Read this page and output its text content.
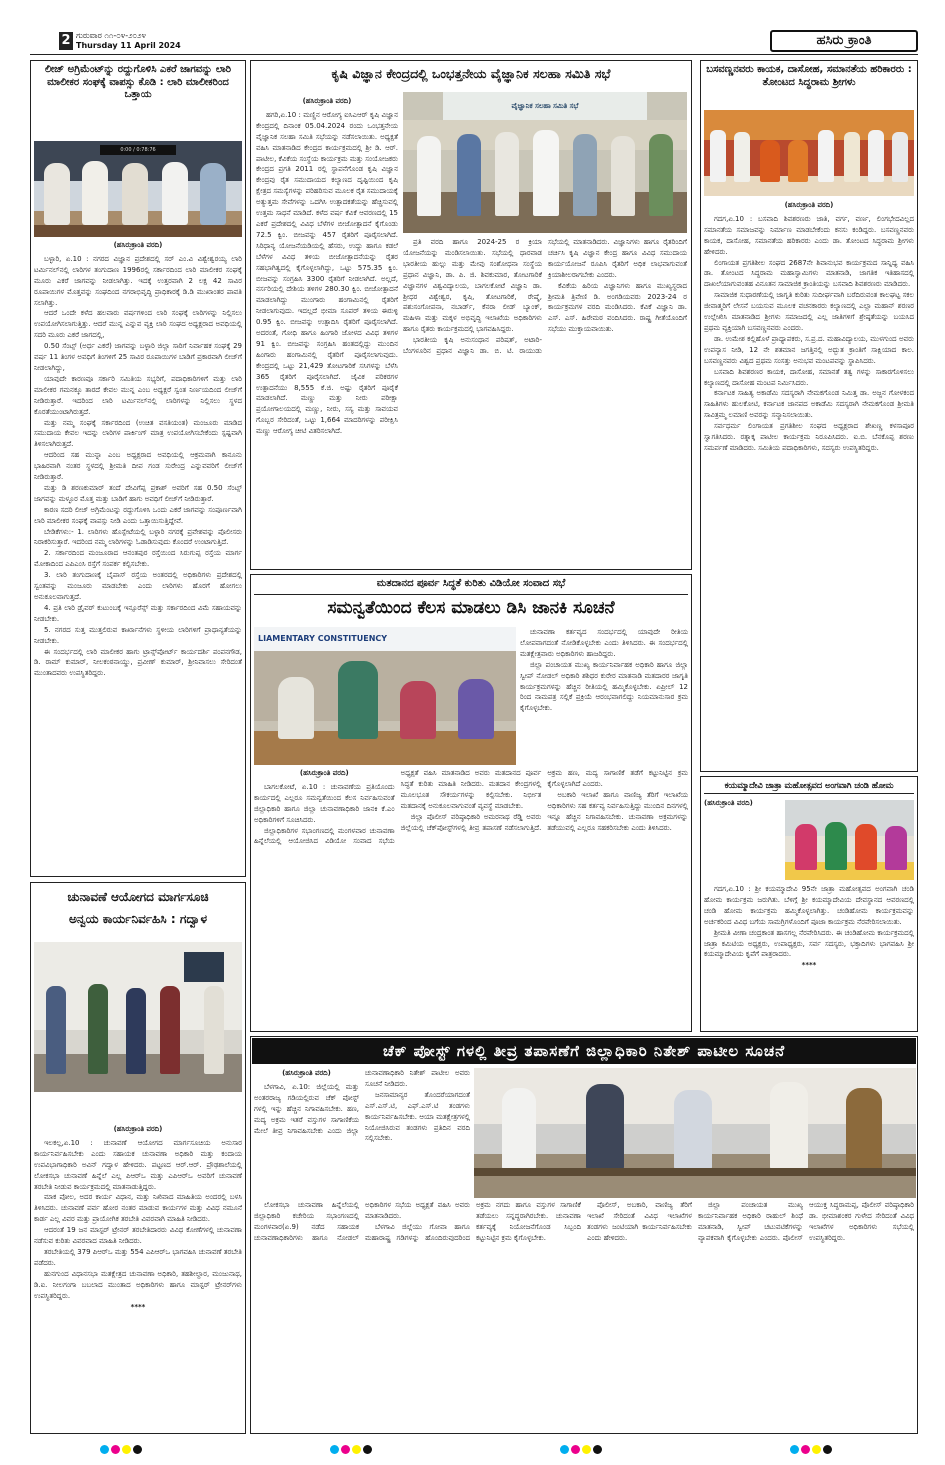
2 ಗುರುವಾರ ೧೧-೦೪-೨೦೨೪
Thursday 11 April 2024	ಹಸಿರು ಕ್ರಾಂತಿ
ಲೀಜ್ ಅಗ್ರಿಮೆಂಟ್‌ನ್ನು ರದ್ದುಗೊಳಿಸಿ ಎಕರೆ ಜಾಗವನ್ನು ಲಾರಿ ಮಾಲೀಕರ ಸಂಘಕ್ಕೆ ವಾಪಸ್ಸು ಕೊಡಿ : ಲಾರಿ ಮಾಲೀಕರಿಂದ ಒತ್ತಾಯ
0:00 / 0:78:76
(ಹಸಿರುಕ್ರಾಂತಿ ವರದಿ)

ಬಳ್ಳಾರಿ, ಏ.10 : ನಗರದ ವಿಜ್ಞಾನ ಪ್ರದೇಶದಲ್ಲಿ ಸರ್ ಎಂ.ವಿ ವಿಶ್ವೇಶ್ವರಯ್ಯ ಲಾರಿ ಟರ್ಮಿನಲ್‌ನಲ್ಲಿ ಲಾರಿಗಳ ತಂಗುದಾಣ 1996ರಲ್ಲಿ ಸರ್ಕಾರದಿಂದ ಲಾರಿ ಮಾಲೀಕರ ಸಂಘಕ್ಕೆ ಮೂರು ಎಕರೆ ಜಾಗವನ್ನು ನೀಡಲಾಗಿತ್ತು. ಇದಕ್ಕೆ ಉತ್ತರವಾಗಿ 2 ಲಕ್ಷ 42 ಸಾವಿರ ರೂಪಾಯಿಗಳ ಮೊತ್ತವನ್ನು ಸಂಘದಿಂದ ನಗರಾಭಿವೃದ್ಧಿ ಪ್ರಾಧಿಕಾರಕ್ಕೆ ಡಿ.ಡಿ ಮುಖಾಂತರ ಪಾವತಿ ಸಲಾಗಿತ್ತು.

ಆದರೆ ಒಂದೇ ಕಳೆದ ಹಲವಾರು ವರ್ಷಗಳಿಂದ ಲಾರಿ ಸಂಘಕ್ಕೆ ಲಾರಿಗಳನ್ನು ನಿಲ್ಲಿಸಲು ಉಪಯೋಗಿಸಲಾಗುತ್ತಿತ್ತು. ಆದರೆ ಮುನ್ನ ಎನ್ನುವ ವ್ಯಕ್ತಿ ಲಾರಿ ಸಂಘದ ಅಧ್ಯಕ್ಷರಾದ ಅವಧಿಯಲ್ಲಿ ಸದರಿ ಮೂರು ಎಕರೆ ಜಾಗದಲ್ಲಿ,

0.50 ಸೆಂಟ್ಸ್ (ಅರ್ಧ ಎಕರೆ) ಜಾಗವನ್ನು ಬಳ್ಳಾರಿ ಜಿಲ್ಲಾ ಸಾರಿಗೆ ನಿರ್ವಾಹಕ ಸಂಘಕ್ಕೆ 29 ವರ್ಷ 11 ತಿಂಗಳ ಅವಧಿಗೆ ತಿಂಗಳಿಗೆ 25 ಸಾವಿರ ರೂಪಾಯಿಗಳ ಬಾಡಿಗೆ ಪ್ರಕಾರವಾಗಿ ಲೀಜ್‌ಗೆ ನೀಡಲಾಗಿದ್ದು,

ಯಾವುದೇ ಕಾರಣವೂ ಸರ್ಕಾರಿ ಸಮಿತಿಯ ಸಭ್ಯರಿಗೆ, ಪದಾಧಿಕಾರಿಗಳಿಗೆ ಮತ್ತು ಲಾರಿ ಮಾಲೀಕರ ಗಮನಕ್ಕೂ ತಾರದೆ ಕೇವಲ ಮುನ್ನ ಎಂಬ ಅಧ್ಯಕ್ಷರೆ ಸ್ವಂತ ನಿರ್ಣಯದಿಂದ ಲೀಜ್‌ಗೆ ನೀಡಿರುತ್ತಾರೆ. ಇದರಿಂದ ಲಾರಿ ಟರ್ಮಿನಲ್‌ನಲ್ಲಿ ಲಾರಿಗಳನ್ನು ನಿಲ್ಲಿಸಲು ಸ್ಥಳದ ಕೊರತೆಯುಂಟಾಗಿರುತ್ತದೆ.

ಮತ್ತು ನಮ್ಮ ಸಂಘಕ್ಕೆ ಸರ್ಕಾರದಿಂದ (ಉಚಿತ ವಸತಿಯಂತ) ಮಂಜೂರು ಮಾಡಿದ ಸಮುದಾಯ ಕೇವಲ ಇದನ್ನು ಲಾರಿಗಳ ಪಾರ್ಕಿಂಗ್ ಮಾತ್ರ ಉಪಯೋಗಿಸಬೇಕೆಂದು ಸ್ಪಷ್ಟವಾಗಿ ತಿಳಿಸಲಾಗಿರುತ್ತದೆ.

ಆದರಿಂದ ಸಹ ಮುನ್ನಾ ಎಂಬ ಅಧ್ಯಕ್ಷರಾದ ಅವಧಿಯಲ್ಲಿ ಆಕ್ರಮವಾಗಿ ಕಾನೂನು ಭಾಹಿರವಾಗಿ ನಂತರ ಸ್ಥಳದಲ್ಲಿ ಶ್ರೀಮತಿ ದೀಪ ಗಂಡ ಸುರೇಂದ್ರ ಎನ್ನುವವರಿಗೆ ಲೀಜ್‌ಗೆ ನೀಡಿರುತ್ತಾರೆ.

ಮತ್ತು ಡಿ ಶರಣಕುಮಾರ್ ತಂದೆ ದೇವಿಗೆಪ್ಪ ಪ್ರಕಾಶ್ ಅವರಿಗೆ ಸಹ 0.50 ಸೆಂಟ್ಸ್ ಜಾಗವನ್ನು ಮಳ್ಳೂರ ಮೊತ್ತ ಮತ್ತು ಬಾಡಿಗೆ ಹಾಗು ಅವಧಿಗೆ ಲೀಜ್‌ಗೆ ನೀಡಿರುತ್ತಾರೆ.

ಕಾರಣ ಸದರಿ ಲೀಜ್ ಅಗ್ರಿಮೆಂಟನ್ನು ರದ್ದುಗೊಳಿಸಿ ಒಂದು ಎಕರೆ ಜಾಗವನ್ನು ಸಂಪೂರ್ಣವಾಗಿ ಲಾರಿ ಮಾಲೀಕರ ಸಂಘಕ್ಕೆ ವಾಪಸ್ಸು ನೀಡಿ ಎಂದು ಒತ್ತಾಯಿಸುತ್ತಿದ್ದೇವೆ.

ಬೇಡಿಕೆಗಳು:- 1. ಲಾರಿಗಳು ಹೊಸ್ಪೇಟೆಯಲ್ಲಿ ಬಳ್ಳಾರಿ ನಗರಕ್ಕೆ ಪ್ರವೇಶವನ್ನು ಪೊಲೀಸರು ನಿರಾಕರಿಸುತ್ತಾರೆ. ಇದರಿಂದ ನಮ್ಮ ಲಾರಿಗಳನ್ನು ಓಡಾಡಿಸುವುದು ಕೊಂದರೆ ಉಂಟಾಗುತ್ತಿದೆ.

2. ಸರ್ಕಾರದಿಂದ ಮಂಜೂರಾದ ಆನಂತಪುರ ರಸ್ತೆಯಿಂದ ಸಿರುಗುಪ್ಪ ರಸ್ತೆಯ ಮಾರ್ಗ ಮೋಕಾದಿಂದ ಎಪಿಎಂಸಿ ರಸ್ತೆಗೆ ಸಂಪರ್ಕ ಕಲ್ಪಿಸಬೇಕು.

3. ಲಾರಿ ತಂಗುದಾಣಕ್ಕೆ ಬೈಪಾಸ್ ರಸ್ತೆಯ ಅಂತರದಲ್ಲಿ ಅಧಿಕಾರಿಗಳು ಪ್ರದೇಶದಲ್ಲಿ ಸ್ವಂತವನ್ನು ಮಂಜೂರು ಮಾಡಬೇಕು ಎಂದು ಲಾರಿಗಳು ಹೊರಗೆ ಹೋಗಲು ಅನುಕೂಲವಾಗುತ್ತದೆ.

4. ಪ್ರತಿ ಲಾರಿ ಡ್ರೈವರ್ ಕುಟುಂಬಕ್ಕೆ ಇನ್ಸೂರೆನ್ಸ್ ಮತ್ತು ಸರ್ಕಾರದಿಂದ ವಿಮೆ ಸಹಾಯವನ್ನು ನೀಡಬೇಕು.

5. ನಗರದ ಸುತ್ತ ಮುತ್ತಲಿರುವ ಕಾರ್ಖಾನೆಗಳು ಸ್ಥಳೀಯ ಲಾರಿಗಳಿಗೆ ಪ್ರಾಧಾನ್ಯತೆಯನ್ನು ನೀಡಬೇಕು.

ಈ ಸಂದರ್ಭದಲ್ಲಿ ಲಾರಿ ಮಾಲೀಕರ ಹಾಗು ಟ್ರಾನ್ಸ್‌ಪೋರ್ಟ್ ಕಾರ್ಯದರ್ಶಿ ಪಂಪನಗೌಡ, ಡಿ. ರಾಮ್ ಕುಮಾರ್, ನೀಲಕಂಠನಾಯ್ಡು, ಪ್ರವೀಣ್ ಕುಮಾರ್, ಶ್ರೀನಿವಾಸಲು ಸೇರಿದಂತೆ ಮುಂತಾದವರು ಉಪಸ್ಥಿತರಿದ್ದರು.

ಚುನಾವಣೆ ಆಯೋಗದ ಮಾರ್ಗಸೂಚಿ
ಅನ್ವಯ ಕಾರ್ಯನಿರ್ವಹಿಸಿ : ಗದ್ವಾಳ
(ಹಸಿರುಕ್ರಾಂತಿ ವರದಿ)

ಇಲಕಲ್ಲ,ಏ.10 : ಚುನಾವಣೆ ಆಯೋಗದ ಮಾರ್ಗಸೂಚಿಯ ಅನುಸಾರ ಕಾರ್ಯನಿರ್ವಹಿಸಬೇಕು ಎಂದು ಸಹಾಯಕ ಚುನಾವಣಾ ಅಧಿಕಾರಿ ಮತ್ತು ಕಂದಾಯ ಉಪವಿಭಾಗಾಧಿಕಾರಿ ಅವಿನ್ ಗದ್ವಾಳ ಹೇಳಿದರು. ಪಟ್ಟಣದ ಆರ್.ಆರ್. ಪ್ರೌಢಶಾಲೆಯಲ್ಲಿ ಲೋಕಸಭಾ ಚುನಾವಣೆ ಹಿನ್ನೆಲೆ ಎಲ್ಲ ಪಿಆರ್‌ಒ ಮತ್ತು ಎಪಿಆರ್‌ಒ ಅವರಿಗೆ ಚುನಾವಣೆ ತರಬೇತಿ ನೀಡುವ ಕಾರ್ಯಕ್ರಮದಲ್ಲಿ ಮಾತನಾಡುತ್ತಿದ್ದರು.

ಮಾಕ ಪೋಲ, ಅದರ ಕಾರ್ಯ ವಿಧಾನ, ಮತ್ತು ನಿಖಿವಾದ ಮಾಹಿತಿಯ ಅಂದರಲ್ಲಿ ಬಳಸಿ ತಿಳಿಸಿದರು. ಚುನಾವಣೆ ಪರ್ವ ಹೋರ ನಂತರ ಮಾಡುವ ಕಾರ್ಯಗಳ ಮತ್ತು ವಿವಿಧ ನಮೂನೆ ಕಾರ್ಡ ಎಲ್ಲ ವಿವರ ಮತ್ತು ಪ್ರಾಯೋಗಿಕ ತರಬೇತಿ ವಿವರವಾಗಿ ಮಾಹಿತಿ ನೀಡಿದರು.

ಆದರಂತೆ 19 ಜನ ಮಾಸ್ಟರ್ ಟ್ರೇನರ್ ತರಬೇತಿದಾರರು ವಿವಿಧ ಕೋಣೆಗಳಲ್ಲಿ ಚುನಾವಣಾ ನಡೆಸುವ ಕುರಿತು ವಿವರವಾದ ಮಾಹಿತಿ ನೀಡಿದರು.

ತರಬೇತಿಯಲ್ಲಿ 379 ಪಿಆರ್‌ಒ ಮತ್ತು 554 ಎಪಿಆರ್‌ಒ ಭಾಗವಹಿಸಿ ಚುನಾವಣೆ ತರಬೇತಿ ಪಡೆದರು.

ಹುನಗುಂದ ವಿಧಾನಸಭಾ ಮತಕ್ಷೇತ್ರದ ಚುನಾವಣಾ ಅಧಿಕಾರಿ, ತಹಶೀಲ್ದಾರ, ಮಂಜುನಾಥ, ಡಿ.ಐ. ನೀಲಗಂಗಾ ಬಬಲಾದ ಮುಂತಾದ ಅಧಿಕಾರಿಗಳು ಹಾಗೂ ಮಾಸ್ಟರ್ ಟ್ರೇನರ್‌ಗಳು ಉಪಸ್ಥಿತರಿದ್ದರು.

****
ಕೃಷಿ ವಿಜ್ಞಾನ ಕೇಂದ್ರದಲ್ಲಿ ಒಂಭತ್ತನೇಯ ವೈಜ್ಞಾನಿಕ ಸಲಹಾ ಸಮಿತಿ ಸಭೆ
ವೈಜ್ಞಾನಿಕ ಸಲಹಾ ಸಮಿತಿ ಸಭೆ
(ಹಸಿರುಕ್ರಾಂತಿ ವರದಿ)

ಹಗರಿ,ಏ.10 : ಮಣ್ಣಿನ ಆರೋಗ್ಯ ಐಸಿಎಆರ್ ಕೃಷಿ ವಿಜ್ಞಾನ ಕೇಂದ್ರದಲ್ಲಿ ದಿನಾಂಕ 05.04.2024 ರಂದು ಒಂಭತ್ತನೇಯ ವೈಜ್ಞಾನಿಕ ಸಲಹಾ ಸಮಿತಿ ಸಭೆಯನ್ನು ನಡೆಸಲಾಯಿತು. ಅಧ್ಯಕ್ಷತೆ ವಹಿಸಿ ಮಾತನಾಡಿದ ಕೇಂದ್ರದ ಕಾರ್ಯಕ್ರಮದಲ್ಲಿ ಶ್ರೀ ಡಿ. ಆರ್. ಪಾಟೀಲ, ಕೆವಿಕೆಯ ಸಂಸ್ಥೆಯ ಕಾರ್ಯಕ್ರಮ ಮತ್ತು ಸಂಯೋಜಕರು ಕೇಂದ್ರದ ಪ್ರಗತಿ 2011 ರಲ್ಲಿ ಸ್ಥಾಪನೆಗೊಂಡ ಕೃಷಿ ವಿಜ್ಞಾನ ಕೇಂದ್ರವು ರೈತ ಸಮುದಾಯದ ಕಲ್ಯಾಣದ ದೃಷ್ಟಿಯಿಂದ ಕೃಷಿ ಕ್ಷೇತ್ರದ ಸಮಸ್ಯೆಗಳನ್ನು ಪರಿಹರಿಸುವ ಮೂಲಕ ರೈತ ಸಮುದಾಯಕ್ಕೆ ಅತ್ಯುತ್ತಮ ಸೇವೆಗಳನ್ನು ಒದಗಿಸಿ ಉತ್ಪಾದಕತೆಯನ್ನು ಹೆಚ್ಚಿಸುವಲ್ಲಿ ಉತ್ತಮ ಸಾಧನೆ ಮಾಡಿದೆ. ಕಳೆದ ವರ್ಷ ಕೆವಿಕೆ ಆವರಣದಲ್ಲಿ 15 ಎಕರೆ ಪ್ರದೇಶದಲ್ಲಿ ವಿವಿಧ ಬೆಳೆಗಳ ಬೀಜೋತ್ಪಾದನೆ ಕೈಗೊಂಡು 72.5 ಕ್ವಿಂ. ಬೀಜವನ್ನು 457 ರೈತರಿಗೆ ಪೂರೈಸಲಾಗಿದೆ. ಸಿರಿಧಾನ್ಯ ಯೋಜನೆಯಡಿಯಲ್ಲಿ ಹೆಸರು, ಉದ್ದು ಹಾಗೂ ಕಡಲೆ ಬೆಳೆಗಳ ವಿವಿಧ ತಳಿಯ ಬೀಜೋತ್ಪಾದನೆಯನ್ನು ರೈತರ ಸಹಭಾಗಿತ್ವದಲ್ಲಿ ಕೈಗೊಳ್ಳಲಾಗಿದ್ದು, ಒಟ್ಟು 575.35 ಕ್ವಿಂ. ಬೀಜವನ್ನು ಸಂಗ್ರಹಿಸಿ 3300 ರೈತರಿಗೆ ನೀಡಲಾಗಿದೆ. ಅಲ್ಲದೆ, ನರ್ಸರಿಯಲ್ಲಿ ದೇಶಿಯ ತಳಿಗಳ 280.30 ಕ್ವಿಂ. ಬೀಜೋತ್ಪಾದನೆ ಮಾಡಲಾಗಿದ್ದು ಮುಂಗಾರು ಹಂಗಾಮಿನಲ್ಲಿ ರೈತರಿಗೆ ನೀಡಲಾಗುವುದು. ಇದಲ್ಲದೆ ಭೀಮಾ ಸೂಪರ್ ತಳಿಯ ಈರುಳ್ಳಿ 0.95 ಕ್ವಿಂ. ಬೀಜವನ್ನು ಉತ್ಪಾದಿಸಿ ರೈತರಿಗೆ ಪೂರೈಸಲಾಗಿದೆ. ಅದರಂತೆ, ಗೋಧಿ ಹಾಗೂ ಹಿಂಗಾರಿ ಜೋಳದ ವಿವಿಧ ತಳಿಗಳ 91 ಕ್ವಿಂ. ಬೀಜವನ್ನು ಸಂಗ್ರಹಿಸಿ ಹಂತದಲ್ಲಿದ್ದು ಮುಂದಿನ ಹಿಂಗಾರು ಹಂಗಾಮಿನಲ್ಲಿ ರೈತರಿಗೆ ಪೂರೈಸಲಾಗುವುದು. ಕೇಂದ್ರದಲ್ಲಿ ಒಟ್ಟು 21,429 ತೋಟಗಾರಿಕೆ ಸಸಿಗಳನ್ನು ಬೆಳೆಸಿ 365 ರೈತರಿಗೆ ಪೂರೈಸಲಾಗಿದೆ. ಜೈವಿಕ ಪರಿಕರಗಳ ಉತ್ಪಾದನೆಯು 8,555 ಕೆ.ಜಿ. ಅಷ್ಟು ರೈತರಿಗೆ ಪೂರೈಕೆ ಮಾಡಲಾಗಿದೆ. ಮಣ್ಣು ಮತ್ತು ನೀರು ಪರೀಕ್ಷಾ ಪ್ರಯೋಗಾಲಯದಲ್ಲಿ ಮಣ್ಣು, ನೀರು, ಸಸ್ಯ ಮತ್ತು ಸಾವಯವ ಗೊಬ್ಬರ ಸೇರಿದಂತೆ, ಒಟ್ಟು 1,664 ಮಾದರಿಗಳನ್ನು ಪರೀಕ್ಷಿಸಿ ಮಣ್ಣು ಆರೋಗ್ಯ ಚೀಟಿ ವಿತರಿಸಲಾಗಿದೆ.

ಪ್ರತಿ ವರದಿ ಹಾಗೂ 2024-25 ರ ಕ್ರಿಯಾ ಯೋಜನೆಯನ್ನು ಮಂಡಿಸಲಾಯಿತು. ಸಭೆಯಲ್ಲಿ ಧಾರವಾಡ ಭಾರತೀಯ ಹುಲ್ಲು ಮತ್ತು ಮೇವು ಸಂಶೋಧನಾ ಸಂಸ್ಥೆಯ ಪ್ರಧಾನ ವಿಜ್ಞಾನಿ, ಡಾ. ಪಿ. ಜಿ. ಶಿವಕುಮಾರ, ತೋಟಗಾರಿಕೆ ವಿಜ್ಞಾನಗಳ ವಿಶ್ವವಿದ್ಯಾಲಯ, ಬಾಗಲಕೋಟೆ ವಿಜ್ಞಾನಿ ಡಾ. ಶ್ರೀಧರ ವಿಶ್ವೇಶ್ವರ, ಕೃಷಿ, ತೋಟಗಾರಿಕೆ, ರೇಷ್ಮೆ, ಪಶುಸಂಗೋಪನಾ, ನಬಾರ್ಡ್, ಕೆನರಾ ಲೀಡ್ ಬ್ಯಾಂಕ್, ಮಹಿಳಾ ಮತ್ತು ಮಕ್ಕಳ ಅಭಿವೃದ್ಧಿ ಇಲಾಖೆಯ ಅಧಿಕಾರಿಗಳು ಹಾಗೂ ರೈತರು ಕಾರ್ಯಕ್ರಮದಲ್ಲಿ ಭಾಗವಹಿಸಿದ್ದರು.

ಭಾರತೀಯ ಕೃಷಿ ಅನುಸಂಧಾನ ಪರಿಷತ್, ಅಟಾರಿ-ಬೆಂಗಳೂರಿನ ಪ್ರಧಾನ ವಿಜ್ಞಾನಿ ಡಾ. ಬಿ. ಟಿ. ರಾಯುಡು ಸಭೆಯಲ್ಲಿ ಮಾತನಾಡಿದರು. ವಿಜ್ಞಾನಿಗಳು ಹಾಗೂ ರೈತರಿಂದಿಗೆ ಚರ್ಚಿಸಿ ಕೃಷಿ ವಿಜ್ಞಾನ ಕೇಂದ್ರ ಹಾಗೂ ವಿವಿಧ ಸಮುದಾಯ ಕಾರ್ಯಯೋಜನೆ ರೂಪಿಸಿ ರೈತರಿಗೆ ಅಧಿಕ ಲಾಭವಾಗುವಂತೆ ಕ್ರಿಯಾಶೀಲರಾಗಬೇಕು ಎಂದರು.

ಕೆವಿಕೆಯ ಹಿರಿಯ ವಿಜ್ಞಾನಿಗಳು ಹಾಗೂ ಮುಖ್ಯಸ್ಥರಾದ ಶ್ರೀಮತಿ ತ್ರಿವೇಣಿ ಡಿ. ಅಂಗಡಿಯವರು 2023-24 ರ ಕಾರ್ಯಕ್ರಮಗಳ ವರದಿ ಮಂಡಿಸಿದರು. ಕೆವಿಕೆ ವಿಜ್ಞಾನಿ ಡಾ. ಎಸ್. ಎಸ್. ಹಿರೇಮಠ ವಂದಿಸಿದರು. ರಾಷ್ಟ್ರ ಗೀತೆಯೊಂದಿಗೆ ಸಭೆಯು ಮುಕ್ತಾಯವಾಯಿತು.

ಮತದಾನದ ಪೂರ್ವ ಸಿದ್ಧತೆ ಕುರಿತು ವಿಡಿಯೋ ಸಂವಾದ ಸಭೆ
ಸಮನ್ವತೆಯಿಂದ ಕೆಲಸ ಮಾಡಲು ಡಿಸಿ ಜಾನಕಿ ಸೂಚನೆ
LIAMENTARY CONSTITUENCY

ಚುನಾವಣಾ ಕರ್ತವ್ಯದ ಸಂದರ್ಭದಲ್ಲಿ ಯಾವುದೇ ರೀತಿಯ ಲೋಪವಾಗದಂತೆ ನೋಡಿಕೊಳ್ಳಬೇಕು ಎಂದು ತಿಳಿಸಿದರು. ಈ ಸಂದರ್ಭದಲ್ಲಿ ಮತಕ್ಷೇತ್ರವಾರು ಅಧಿಕಾರಿಗಳು ಹಾಜರಿದ್ದರು.

ಜಿಲ್ಲಾ ಪಂಚಾಯತ ಮುಖ್ಯ ಕಾರ್ಯನಿರ್ವಾಹಕ ಅಧಿಕಾರಿ ಹಾಗೂ ಜಿಲ್ಲಾ ಸ್ವೀಪ್ ನೋಡಲ್ ಅಧಿಕಾರಿ ಶಶಿಧರ ಕುರೇರ ಮಾತನಾಡಿ ಮತದಾರರ ಜಾಗೃತಿ ಕಾರ್ಯಕ್ರಮಗಳನ್ನು ಹೆಚ್ಚಿನ ರೀತಿಯಲ್ಲಿ ಹಮ್ಮಿಕೊಳ್ಳಬೇಕು. ಏಪ್ರೀಲ್ 12 ರಿಂದ ನಾಮಪತ್ರ ಸಲ್ಲಿಕೆ ಪ್ರಕ್ರಿಯೆ ಆರಂಭವಾಗಲಿದ್ದು ನಿಯಮಾನುಸಾರ ಕ್ರಮ ಕೈಗೊಳ್ಳಬೇಕು.

(ಹಸಿರುಕ್ರಾಂತಿ ವರದಿ)

ಬಾಗಲಕೋಟೆ, ಏ.10 : ಚುನಾವಣೆಯ ಪ್ರತಿಯೊಂದು ಕಾರ್ಯದಲ್ಲಿ ಎಲ್ಲರೂ ಸಮನ್ವತೆಯಿಂದ ಕೆಲಸ ನಿರ್ವಹಿಸುವಂತೆ ಜಿಲ್ಲಾಧಿಕಾರಿ ಹಾಗೂ ಜಿಲ್ಲಾ ಚುನಾವಣಾಧಿಕಾರಿ ಜಾನಕಿ ಕೆ.ಎಂ ಅಧಿಕಾರಿಗಳಿಗೆ ಸೂಚಿಸಿದರು.

ಜಿಲ್ಲಾಧಿಕಾರಿಗಳ ಸಭಾಂಗಣದಲ್ಲಿ ಮಂಗಳವಾರ ಚುನಾವಣಾ ಹಿನ್ನೆಲೆಯಲ್ಲಿ ಆಯೋಜಿಸಿದ ವಿಡಿಯೋ ಸಂವಾದ ಸಭೆಯ ಅಧ್ಯಕ್ಷತೆ ವಹಿಸಿ ಮಾತನಾಡಿದ ಅವರು ಮತದಾನದ ಪೂರ್ವ ಸಿದ್ಧತೆ ಕುರಿತು ಮಾಹಿತಿ ನೀಡಿದರು. ಮತದಾನ ಕೇಂದ್ರಗಳಲ್ಲಿ ಮೂಲಭೂತ ಸೌಕರ್ಯಗಳನ್ನು ಕಲ್ಪಿಸಬೇಕು. ನಿರ್ಭೀತ ಮತದಾನಕ್ಕೆ ಅನುಕೂಲವಾಗುವಂತೆ ವ್ಯವಸ್ಥೆ ಮಾಡಬೇಕು.

ಜಿಲ್ಲಾ ಪೊಲೀಸ್ ವರಿಷ್ಠಾಧಿಕಾರಿ ಅಮರನಾಥ ರೆಡ್ಡಿ ಅವರು ಜಿಲ್ಲೆಯಲ್ಲಿ ಚೆಕ್‌ಪೋಸ್ಟ್‌ಗಳಲ್ಲಿ ತೀವ್ರ ತಪಾಸಣೆ ನಡೆಸಲಾಗುತ್ತಿದೆ. ಅಕ್ರಮ ಹಣ, ಮದ್ಯ ಸಾಗಾಣಿಕೆ ತಡೆಗೆ ಕಟ್ಟುನಿಟ್ಟಿನ ಕ್ರಮ ಕೈಗೊಳ್ಳಲಾಗಿದೆ ಎಂದರು.

ಅಬಕಾರಿ ಇಲಾಖೆ ಹಾಗೂ ವಾಣಿಜ್ಯ ತೆರಿಗೆ ಇಲಾಖೆಯ ಅಧಿಕಾರಿಗಳು ಸಹ ಕರ್ತವ್ಯ ನಿರ್ವಹಿಸುತ್ತಿದ್ದು ಮುಂದಿನ ದಿನಗಳಲ್ಲಿ ಇನ್ನೂ ಹೆಚ್ಚಿನ ನಿಗಾವಹಿಸಬೇಕು. ಚುನಾವಣಾ ಅಕ್ರಮಗಳನ್ನು ತಡೆಯುವಲ್ಲಿ ಎಲ್ಲರೂ ಸಹಕರಿಸಬೇಕು ಎಂದು ತಿಳಿಸಿದರು.

ಬಸವಣ್ಣನವರು ಕಾಯಕ, ದಾಸೋಹ, ಸಮಾನತೆಯ ಹರಿಕಾರರು : ತೋಂಟದ ಸಿದ್ಧರಾಮ ಶ್ರೀಗಳು
(ಹಸಿರುಕ್ರಾಂತಿ ವರದಿ)

ಗದಗ,ಏ.10 : ಬಸವಾದಿ ಶಿವಶರಣರು ಜಾತಿ, ವರ್ಗ, ವರ್ಣ, ಲಿಂಗಭೇದವಿಲ್ಲದ ಸಮಾನತೆಯ ಸಮಾಜವನ್ನು ನಿರ್ಮಾಣ ಮಾಡಬೇಕೆಂದು ಕನಸು ಕಂಡಿದ್ದರು. ಬಸವಣ್ಣನವರು ಕಾಯಕ, ದಾಸೋಹ, ಸಮಾನತೆಯ ಹರಿಕಾರರು ಎಂದು ಡಾ. ತೋಂಟದ ಸಿದ್ಧರಾಮ ಶ್ರೀಗಳು ಹೇಳಿದರು.

ಲಿಂಗಾಯತ ಪ್ರಗತಿಶೀಲ ಸಂಘದ 2687ನೇ ಶಿವಾನುಭವ ಕಾರ್ಯಕ್ರಮದ ಸಾನ್ನಿಧ್ಯ ವಹಿಸಿ ಡಾ. ತೋಂಟದ ಸಿದ್ಧರಾಮ ಮಹಾಸ್ವಾಮಿಗಳು ಮಾತನಾಡಿ, ಜಾಗತಿಕ ಇತಿಹಾಸದಲ್ಲಿ ದಾಖಲೆಯಾಗುವಂತಹ ವಿನೂತನ ಸಾಮಾಜಿಕ ಕ್ರಾಂತಿಯನ್ನು ಬಸವಾದಿ ಶಿವಶರಣರು ಮಾಡಿದರು.

ಸಾಮಾಜಿಕ ಸುಧಾರಣೆಯಲ್ಲಿ ಜಾಗೃತಿ ಕುರಿತು ಸುದೀರ್ಘವಾಗಿ ಬರೆದಿರುವಂತ ಕಾಲಘಟ್ಟ ಸಕಲ ಜೀವಾತ್ಮರಿಗೆ ಲೇಸನೆ ಬಯಸುವ ಮೂಲಕ ವಚನಕಾರರು ಕಲ್ಯಾಣದಲ್ಲಿ ಎಲ್ಲಾ ಮಹಾನ್ ಶರಣರ ಉಲ್ಲೇಖಿಸಿ ಮಾತನಾಡಿದ ಶ್ರೀಗಳು ಸಮಾಜದಲ್ಲಿ ಎಲ್ಲ ಜಾತಿಗಳಿಗೆ ಶ್ರೇಷ್ಠತೆಯನ್ನು ಬಯಸಿದ ಪ್ರಥಮ ವ್ಯಕ್ತಿಯಾಗಿ ಬಸವಣ್ಣನವರು ಎಂದರು.

ಡಾ. ಉಮೇಶ ಕಲ್ಲಿಹೊಳೆ ಪ್ರಾಧ್ಯಾಪಕರು, ಸ.ಪ್ರ.ದ. ಮಹಾವಿದ್ಯಾಲಯ, ಮುಳಗುಂದ ಅವರು ಉಪನ್ಯಾಸ ನೀಡಿ, 12 ನೇ ಶತಮಾನ ಜಗತ್ತಿನಲ್ಲಿ ಅದ್ಭುತ ಕ್ರಾಂತಿಗೆ ಸಾಕ್ಷಿಯಾದ ಕಾಲ. ಬಸವಣ್ಣನವರು ವಿಶ್ವದ ಪ್ರಥಮ ಸಂಸತ್ತು ಅನುಭವ ಮಂಟಪವನ್ನು ಸ್ಥಾಪಿಸಿದರು.

ಬಸವಾದಿ ಶಿವಶರಣರ ಕಾಯಕ, ದಾಸೋಹ, ಸಮಾನತೆ ತತ್ವ ಗಳನ್ನು ಸಾಕಾರಗೊಳಿಸಲು ಕಲ್ಯಾಣದಲ್ಲಿ ದಾಸೋಹ ಮಂಟಪ ನಿರ್ಮಿಸಿದರು.

ಕರ್ನಾಟಕ ಸಾಹಿತ್ಯ ಅಕಾಡೆಮಿ ಸದಸ್ಯರಾಗಿ ನೇಮಕಗೊಂಡ ನಿಮಿತ್ತ ಡಾ. ಅಜ್ಜನ ಗೋಳಕಂದ ಸಾಹಿತಿಗಳು ಹುಲಕೋಟಿ, ಕರ್ನಾಟಕ ಜಾನಪದ ಅಕಾಡೆಮಿ ಸದಸ್ಯರಾಗಿ ನೇಮಕಗೊಂಡ ಶ್ರೀಮತಿ ಸಾವಿತ್ರಮ್ಮ ಲಮಾಣಿ ಅವರನ್ನು ಸನ್ಮಾನಿಸಲಾಯಿತು.

ಸರ್ವಧರ್ಮ ಲಿಂಗಾಯತ ಪ್ರಗತಿಶೀಲ ಸಂಘದ ಅಧ್ಯಕ್ಷರಾದ ಶೇಖಣ್ಣ ಕಳಸಾಪೂರ ಸ್ವಾಗತಿಸಿದರು. ರತ್ನಾಕ್ಕ ಪಾಟೀಲ ಕಾರ್ಯಕ್ರಮ ನಿರೂಪಿಸಿದರು. ಐ.ಬಿ. ಬೆನಕೊಪ್ಪ ಶರಣು ಸಮರ್ಪಣೆ ಮಾಡಿದರು. ಸಮಿತಿಯ ಪದಾಧಿಕಾರಿಗಳು, ಸದಸ್ಯರು ಉಪಸ್ಥಿತರಿದ್ದರು.

ಕಯಮ್ಮಾದೇವಿ ಜಾತ್ರಾ ಮಹೋತ್ಸವದ ಅಂಗವಾಗಿ ಚಂಡಿ ಹೋಮ
(ಹಸಿರುಕ್ರಾಂತಿ ವರದಿ)

ಗದಗ,ಏ.10 : ಶ್ರೀ ಕಯಮ್ಮಾದೇವಿ 95ನೇ ಜಾತ್ರಾ ಮಹೋತ್ಸವದ ಅಂಗವಾಗಿ ಚಂಡಿ ಹೋಮ ಕಾರ್ಯಕ್ರಮ ಜರುಗಿತು. ಬೆಳಿಗ್ಗೆ ಶ್ರೀ ಕಯಮ್ಮಾದೇವಿಯ ದೇವಸ್ಥಾನದ ಆವರಣದಲ್ಲಿ ಚಂಡಿ ಹೋಮ ಕಾರ್ಯಕ್ರಮ ಹಮ್ಮಿಕೊಳ್ಳಲಾಗಿತ್ತು. ಚಂಡಿಹೋಮ ಕಾರ್ಯಕ್ರಮವನ್ನು ಅರ್ಚಕರಿಂದ ವಿವಿಧ ಬಗೆಯ ಸಾಮಗ್ರಿಗಳೊಂದಿಗೆ ಪೂಜಾ ಕಾರ್ಯಕ್ರಮ ನೆರವೇರಿಸಲಾಯಿತು.

ಶ್ರೀಮತಿ ವೀಣಾ ಚಂದ್ರಕಾಂತ ಹಾಸಗಲ್ಲ ನೆರವೇರಿಸಿದರು. ಈ ಚಂಡಿಹೋಮ ಕಾರ್ಯಕ್ರಮದಲ್ಲಿ ಜಾತ್ರಾ ಕಮಿಟಿಯ ಅಧ್ಯಕ್ಷರು, ಉಪಾಧ್ಯಕ್ಷರು, ಸರ್ವ ಸದಸ್ಯರು, ಭಕ್ತಾದಿಗಳು ಭಾಗವಹಿಸಿ ಶ್ರೀ ಕಯಮ್ಮಾದೇವಿಯ ಕೃಪೆಗೆ ಪಾತ್ರರಾದರು.

****
ಚೆಕ್ ಪೋಸ್ಟ್ ಗಳಲ್ಲಿ ತೀವ್ರ ತಪಾಸಣೆಗೆ ಜಿಲ್ಲಾಧಿಕಾರಿ ನಿತೇಶ್ ಪಾಟೀಲ ಸೂಚನೆ
(ಹಸಿರುಕ್ರಾಂತಿ ವರದಿ)

ಬೆಳಗಾವಿ, ಏ.10: ಜಿಲ್ಲೆಯಲ್ಲಿ ಮತ್ತು ಅಂತರರಾಜ್ಯ ಗಡಿಯಲ್ಲಿರುವ ಚೆಕ್ ಪೋಸ್ಟ್ ಗಳಲ್ಲಿ ಇನ್ನು ಹೆಚ್ಚಿನ ನಿಗಾವಹಿಸಬೇಕು. ಹಣ, ಮದ್ಯ ಅಕ್ರಮ ಇತರೆ ವಸ್ತುಗಳ ಸಾಗಾಣಿಕೆಯ ಮೇಲೆ ತೀವ್ರ ನಿಗಾವಹಿಸಬೇಕು ಎಂದು ಜಿಲ್ಲಾ ಚುನಾವಣಾಧಿಕಾರಿ ನಿತೇಶ್ ಪಾಟೀಲ ಅವರು ಸೂಚನೆ ನೀಡಿದರು.

ಜನಸಾಮಾನ್ಯರ ತೊಂದರೆಯಾಗದಂತೆ ಎಸ್.ಎಸ್.ಟಿ, ಎಫ್.ಎಸ್.ಟಿ ತಂಡಗಳು ಕಾರ್ಯನಿರ್ವಹಿಸಬೇಕು. ಆಯಾ ಮತಕ್ಷೇತ್ರಗಳಲ್ಲಿ ನಿಯೋಜಿಸಿರುವ ತಂಡಗಳು ಪ್ರತಿದಿನ ವರದಿ ಸಲ್ಲಿಸಬೇಕು.

ಲೋಕಸಭಾ ಚುನಾವಣಾ ಹಿನ್ನೆಲೆಯಲ್ಲಿ ಜಿಲ್ಲಾಧಿಕಾರಿ ಕಚೇರಿಯ ಸಭಾಂಗಣದಲ್ಲಿ ಮಂಗಳವಾರ(ಏ.9) ನಡೆದ ಸಹಾಯಕ ಚುನಾವಣಾಧಿಕಾರಿಗಳು ಹಾಗೂ ನೋಡಲ್ ಅಧಿಕಾರಿಗಳ ಸಭೆಯ ಅಧ್ಯಕ್ಷತೆ ವಹಿಸಿ ಅವರು ಮಾತನಾಡಿದರು.

ಬೆಳಗಾವಿ ಜಿಲ್ಲೆಯು ಗೋವಾ ಹಾಗೂ ಮಹಾರಾಷ್ಟ್ರ ಗಡಿಗಳನ್ನು ಹೊಂದಿರುವುದರಿಂದ ಅಕ್ರಮ ನಗದು ಹಾಗೂ ವಸ್ತುಗಳ ಸಾಗಾಣಿಕೆ ತಡೆಯಲು ಸನ್ನದ್ಧರಾಗಿರಬೇಕು. ಚುನಾವಣಾ ಕರ್ತವ್ಯಕ್ಕೆ ನಿಯೋಜನೆಗೊಂಡ ಸಿಬ್ಬಂದಿ ಕಟ್ಟುನಿಟ್ಟಿನ ಕ್ರಮ ಕೈಗೊಳ್ಳಬೇಕು.

ಪೊಲೀಸ್, ಅಬಕಾರಿ, ವಾಣಿಜ್ಯ ತೆರಿಗೆ ಇಲಾಖೆ ಸೇರಿದಂತೆ ವಿವಿಧ ಇಲಾಖೆಗಳ ತಂಡಗಳು ಜಂಟಿಯಾಗಿ ಕಾರ್ಯನಿರ್ವಹಿಸಬೇಕು ಎಂದು ಹೇಳಿದರು.

ಜಿಲ್ಲಾ ಪಂಚಾಯತ ಮುಖ್ಯ ಕಾರ್ಯನಿರ್ವಾಹಕ ಅಧಿಕಾರಿ ರಾಹುಲ್ ಶಿಂಧೆ ಮಾತನಾಡಿ, ಸ್ವೀಪ್ ಚಟುವಟಿಕೆಗಳನ್ನು ವ್ಯಾಪಕವಾಗಿ ಕೈಗೊಳ್ಳಬೇಕು ಎಂದರು. ಪೊಲೀಸ್ ಆಯುಕ್ತ ಸಿದ್ಧರಾಮಪ್ಪ, ಪೊಲೀಸ್ ವರಿಷ್ಠಾಧಿಕಾರಿ ಡಾ. ಭೀಮಾಶಂಕರ ಗುಳೇದ ಸೇರಿದಂತೆ ವಿವಿಧ ಇಲಾಖೆಗಳ ಅಧಿಕಾರಿಗಳು ಸಭೆಯಲ್ಲಿ ಉಪಸ್ಥಿತರಿದ್ದರು.
